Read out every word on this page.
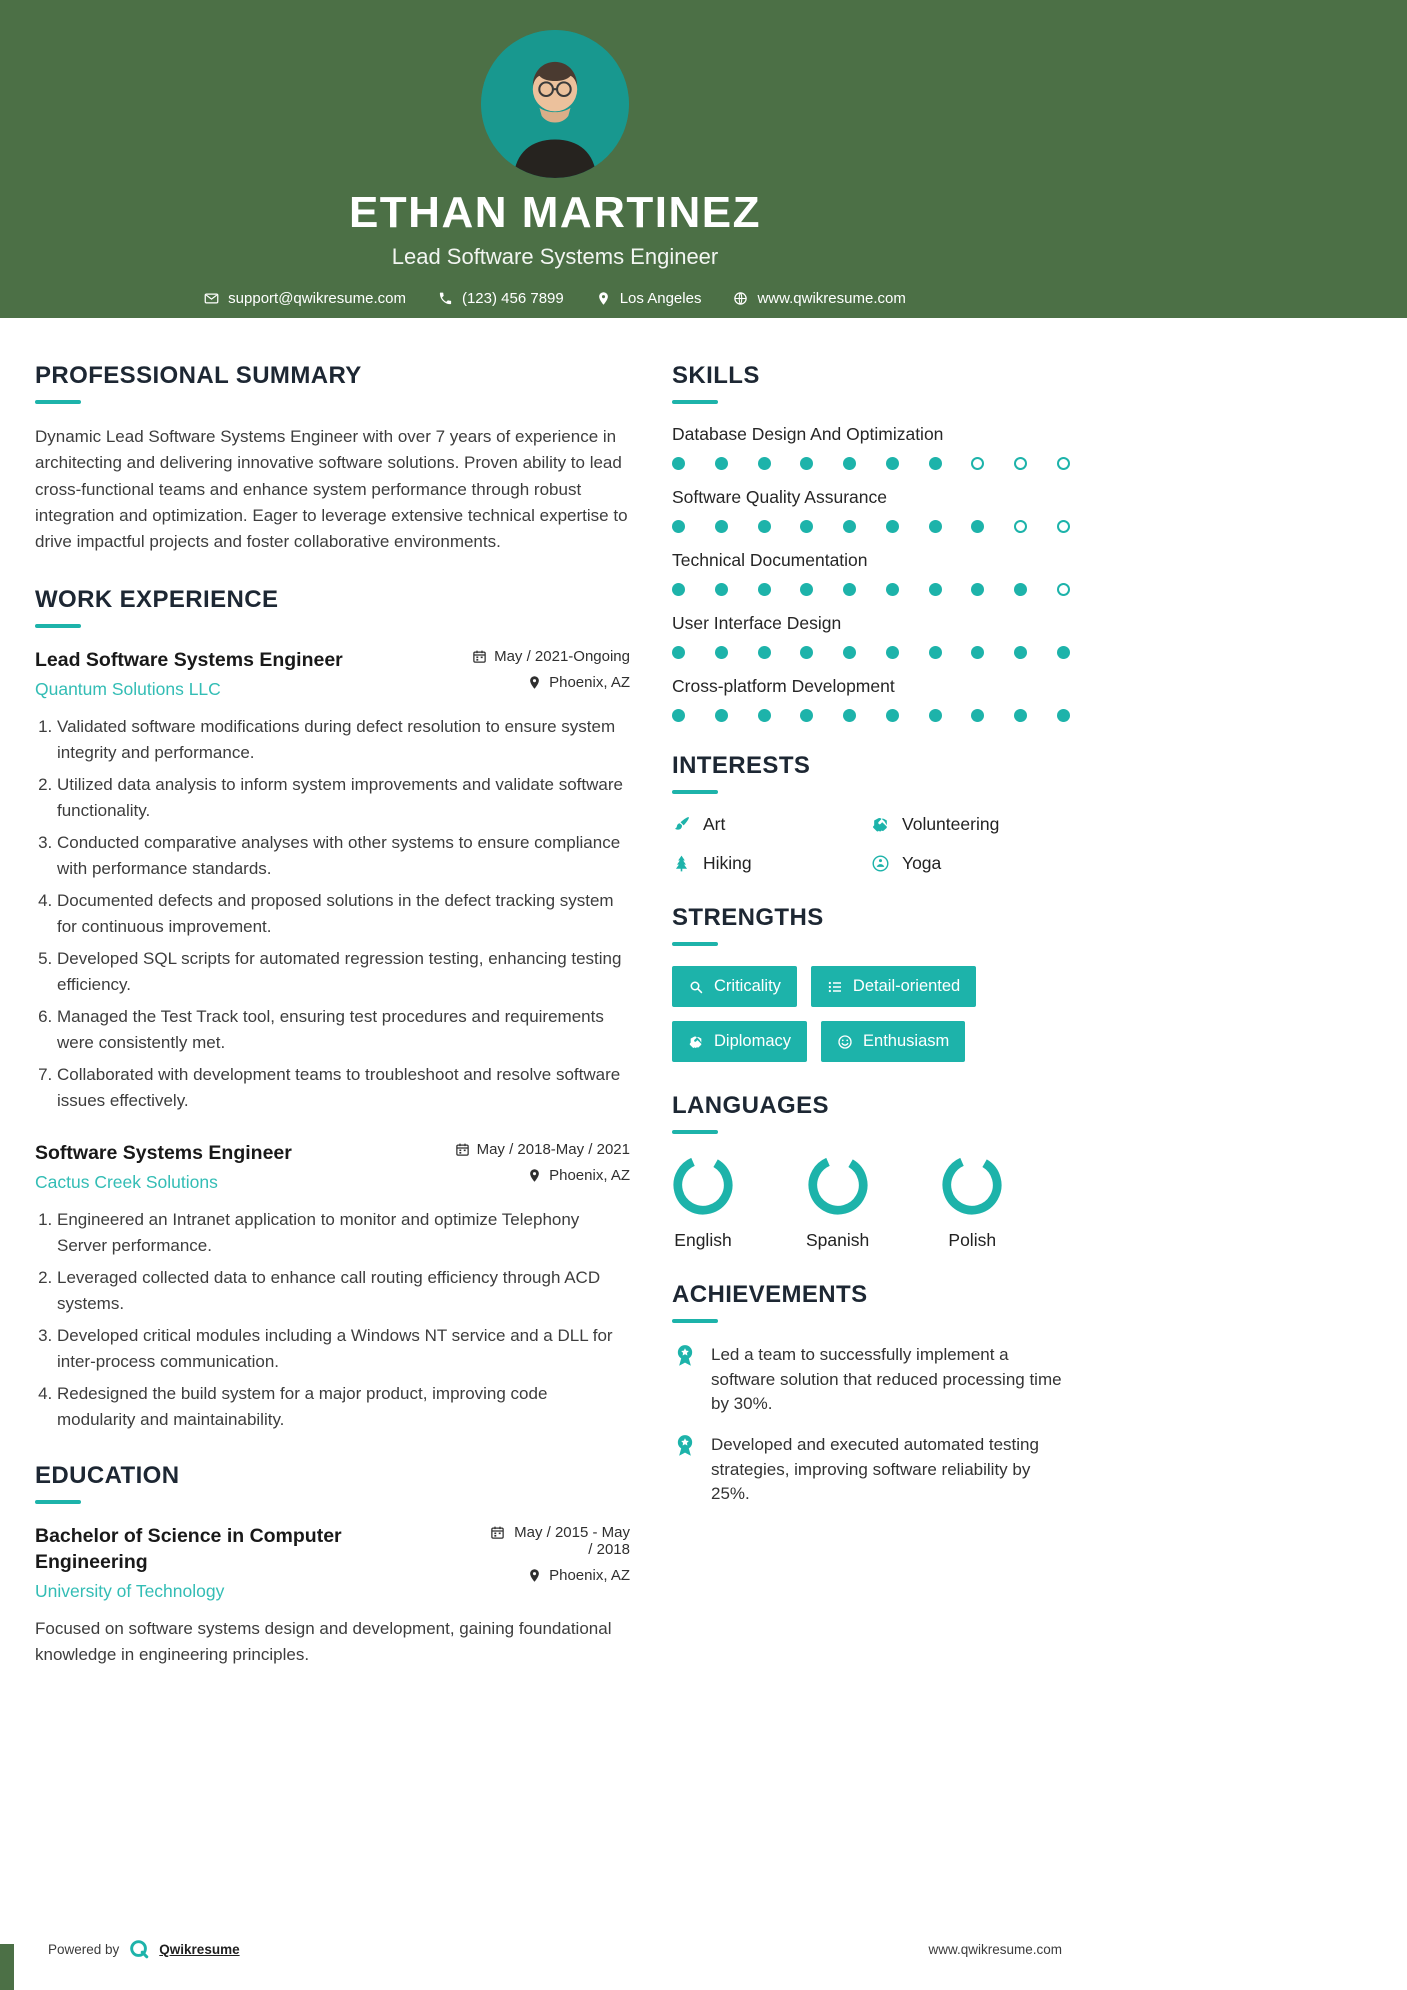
ETHAN MARTINEZ
Lead Software Systems Engineer
support@qwikresume.com	(123) 456 7899	Los Angeles	www.qwikresume.com
PROFESSIONAL SUMMARY

Dynamic Lead Software Systems Engineer with over 7 years of experience in architecting and delivering innovative software solutions. Proven ability to lead cross-functional teams and enhance system performance through robust integration and optimization. Eager to leverage extensive technical expertise to drive impactful projects and foster collaborative environments.

WORK EXPERIENCE
Lead Software Systems Engineer
Quantum Solutions LLC
May / 2021-Ongoing
Phoenix, AZ
1. Validated software modifications during defect resolution to ensure system integrity and performance.
2. Utilized data analysis to inform system improvements and validate software functionality.
3. Conducted comparative analyses with other systems to ensure compliance with performance standards.
4. Documented defects and proposed solutions in the defect tracking system for continuous improvement.
5. Developed SQL scripts for automated regression testing, enhancing testing efficiency.
6. Managed the Test Track tool, ensuring test procedures and requirements were consistently met.
7. Collaborated with development teams to troubleshoot and resolve software issues effectively.
Software Systems Engineer
Cactus Creek Solutions
May / 2018-May / 2021
Phoenix, AZ
1. Engineered an Intranet application to monitor and optimize Telephony Server performance.
2. Leveraged collected data to enhance call routing efficiency through ACD systems.
3. Developed critical modules including a Windows NT service and a DLL for inter-process communication.
4. Redesigned the build system for a major product, improving code modularity and maintainability.
EDUCATION
Bachelor of Science in Computer Engineering
University of Technology
May / 2015 - May / 2018
Phoenix, AZ

Focused on software systems design and development, gaining foundational knowledge in engineering principles.

SKILLS
Database Design And Optimization
Software Quality Assurance
Technical Documentation
User Interface Design
Cross-platform Development
INTERESTS
Art	Volunteering
Hiking	Yoga
STRENGTHS
Criticality	Detail-oriented
Diplomacy	Enthusiasm
LANGUAGES
English	Spanish	Polish
ACHIEVEMENTS
Led a team to successfully implement a software solution that reduced processing time by 30%.
Developed and executed automated testing strategies, improving software reliability by 25%.
Powered by	Qwikresume	www.qwikresume.com
